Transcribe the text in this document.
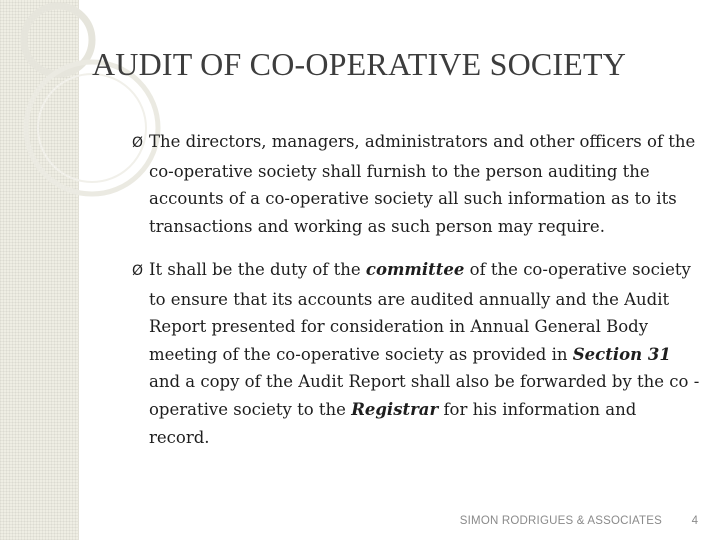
AUDIT OF CO-OPERATIVE SOCIETY

Ø The directors, managers, administrators and other officers of the co-operative society shall furnish to the person auditing the accounts of a co-operative society all such information as to its transactions and working as such person may require.

Ø It shall be the duty of the committee of the co-operative society to ensure that its accounts are audited annually and the Audit Report presented for consideration in Annual General Body meeting of the co-operative society as provided in Section 31 and a copy of the Audit Report shall also be forwarded by the co -operative society to the Registrar for his information and record.

SIMON RODRIGUES & ASSOCIATES	4
